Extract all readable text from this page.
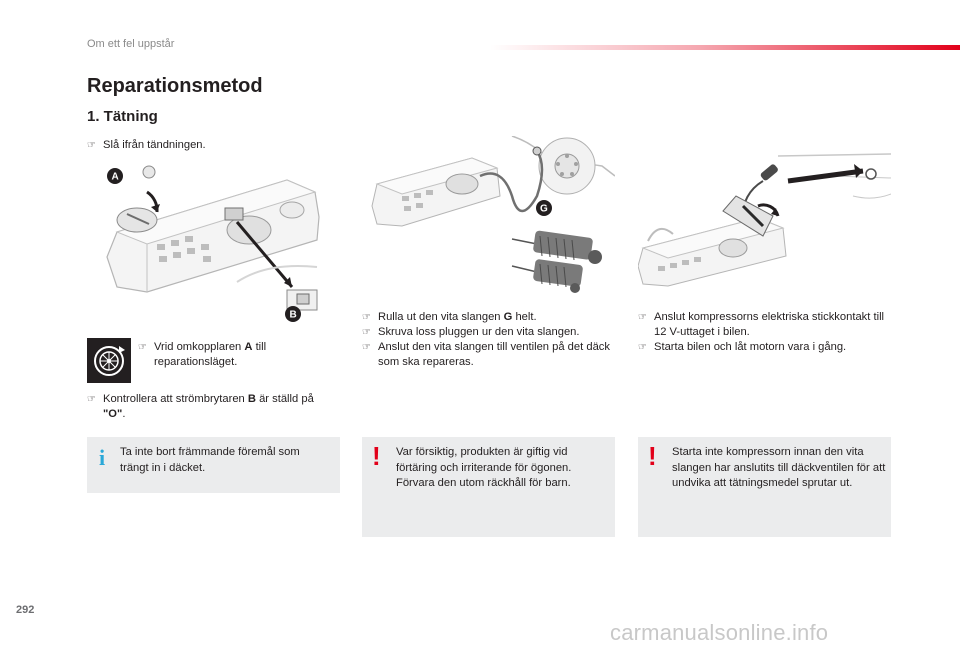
Om ett fel uppstår
Reparationsmetod
1. Tätning
☞ Slå ifrån tändningen.
A
B
☞ Vrid omkopplaren A till reparationsläget.
☞ Kontrollera att strömbrytaren B är ställd på "O".
i Ta inte bort främmande föremål som trängt in i däcket.
G
☞ Rulla ut den vita slangen G helt.
☞ Skruva loss pluggen ur den vita slangen.
☞ Anslut den vita slangen till ventilen på det däck som ska repareras.
! Var försiktig, produkten är giftig vid förtäring och irriterande för ögonen. Förvara den utom räckhåll för barn.
☞ Anslut kompressorns elektriska stickkontakt till 12 V-uttaget i bilen.
☞ Starta bilen och låt motorn vara i gång.
! Starta inte kompressorn innan den vita slangen har anslutits till däckventilen för att undvika att tätningsmedel sprutar ut.
292
carmanualsonline.info
